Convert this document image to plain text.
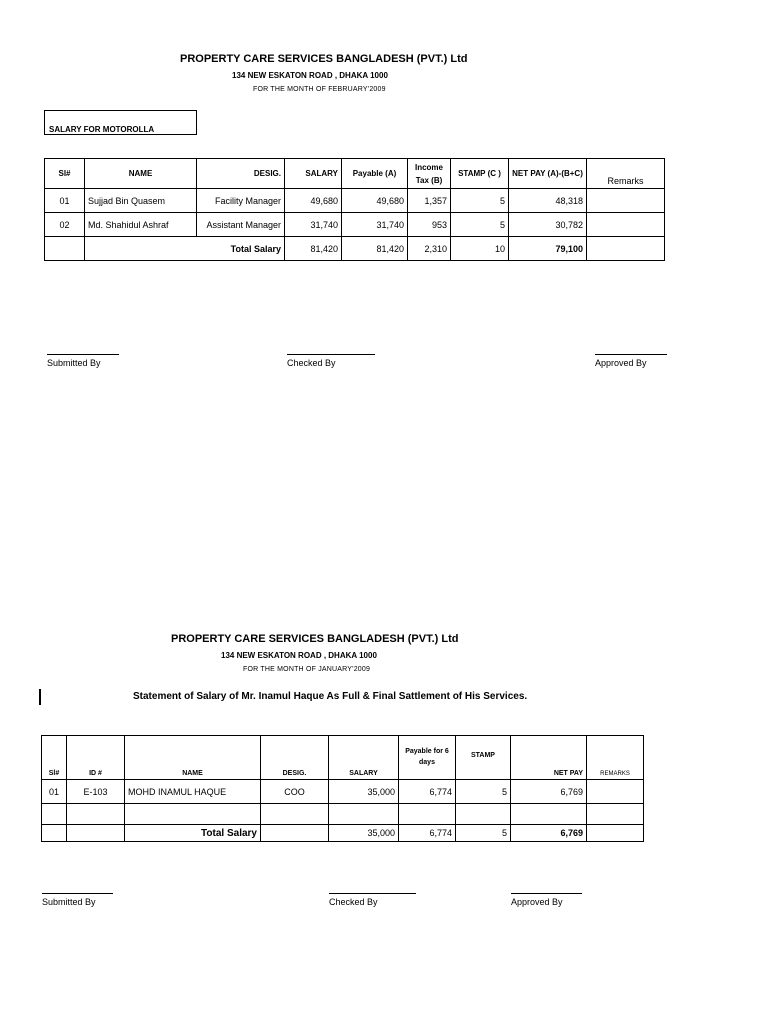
PROPERTY CARE SERVICES BANGLADESH (PVT.) Ltd
134 NEW ESKATON ROAD , DHAKA 1000
FOR THE MONTH OF FEBRUARY'2009
SALARY FOR MOTOROLLA
Sl#	NAME	DESIG.	SALARY	Payable (A)	Income Tax (B)	STAMP (C )	NET PAY (A)-(B+C)	Remarks
01	Sujjad Bin Quasem	Facility Manager	49,680	49,680	1,357	5	48,318	
02	Md. Shahidul Ashraf	Assistant Manager	31,740	31,740	953	5	30,782	
	Total Salary		81,420	81,420	2,310	10	79,100	
Submitted By	Checked By	Approved By
PROPERTY CARE SERVICES BANGLADESH (PVT.) Ltd
134 NEW ESKATON ROAD , DHAKA 1000
FOR THE MONTH OF JANUARY'2009
Statement of Salary of Mr. Inamul Haque As Full & Final Sattlement of His Services.
Sl#	ID #	NAME	DESIG.	SALARY	Payable for 6 days	STAMP	NET PAY	REMARKS
01	E-103	MOHD INAMUL HAQUE	COO	35,000	6,774	5	6,769	

		Total Salary		35,000	6,774	5	6,769	
Submitted By	Checked By	Approved By
